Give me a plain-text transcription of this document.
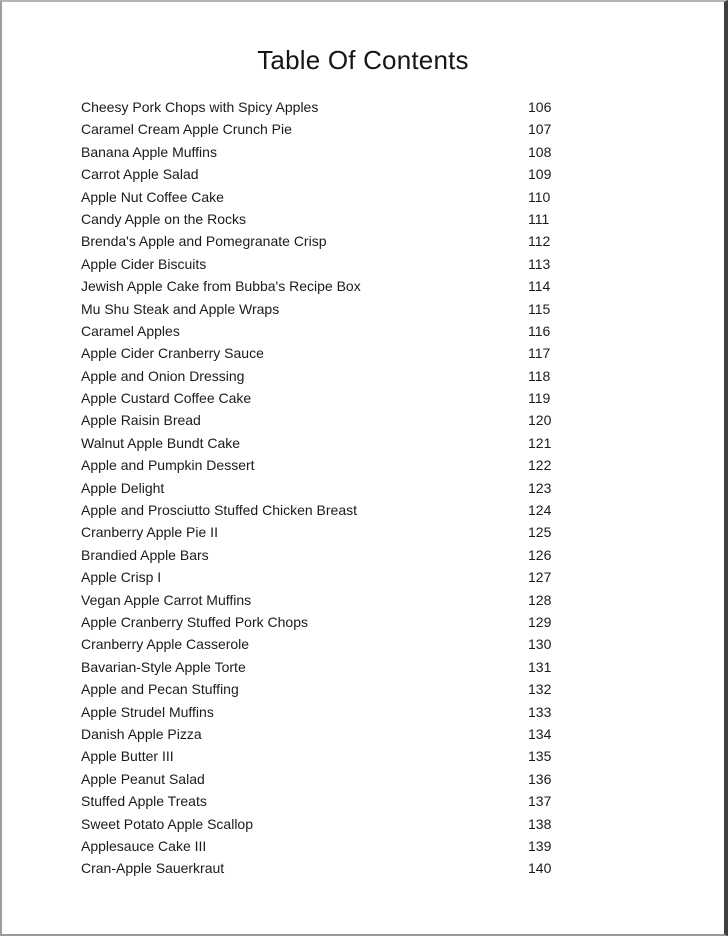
Table Of Contents
Cheesy Pork Chops with Spicy Apples	106
Caramel Cream Apple Crunch Pie	107
Banana Apple Muffins	108
Carrot Apple Salad	109
Apple Nut Coffee Cake	110
Candy Apple on the Rocks	111
Brenda's Apple and Pomegranate Crisp	112
Apple Cider Biscuits	113
Jewish Apple Cake from Bubba's Recipe Box	114
Mu Shu Steak and Apple Wraps	115
Caramel Apples	116
Apple Cider Cranberry Sauce	117
Apple and Onion Dressing	118
Apple Custard Coffee Cake	119
Apple Raisin Bread	120
Walnut Apple Bundt Cake	121
Apple and Pumpkin Dessert	122
Apple Delight	123
Apple and Prosciutto Stuffed Chicken Breast	124
Cranberry Apple Pie II	125
Brandied Apple Bars	126
Apple Crisp I	127
Vegan Apple Carrot Muffins	128
Apple Cranberry Stuffed Pork Chops	129
Cranberry Apple Casserole	130
Bavarian-Style Apple Torte	131
Apple and Pecan Stuffing	132
Apple Strudel Muffins	133
Danish Apple Pizza	134
Apple Butter III	135
Apple Peanut Salad	136
Stuffed Apple Treats	137
Sweet Potato Apple Scallop	138
Applesauce Cake III	139
Cran-Apple Sauerkraut	140
